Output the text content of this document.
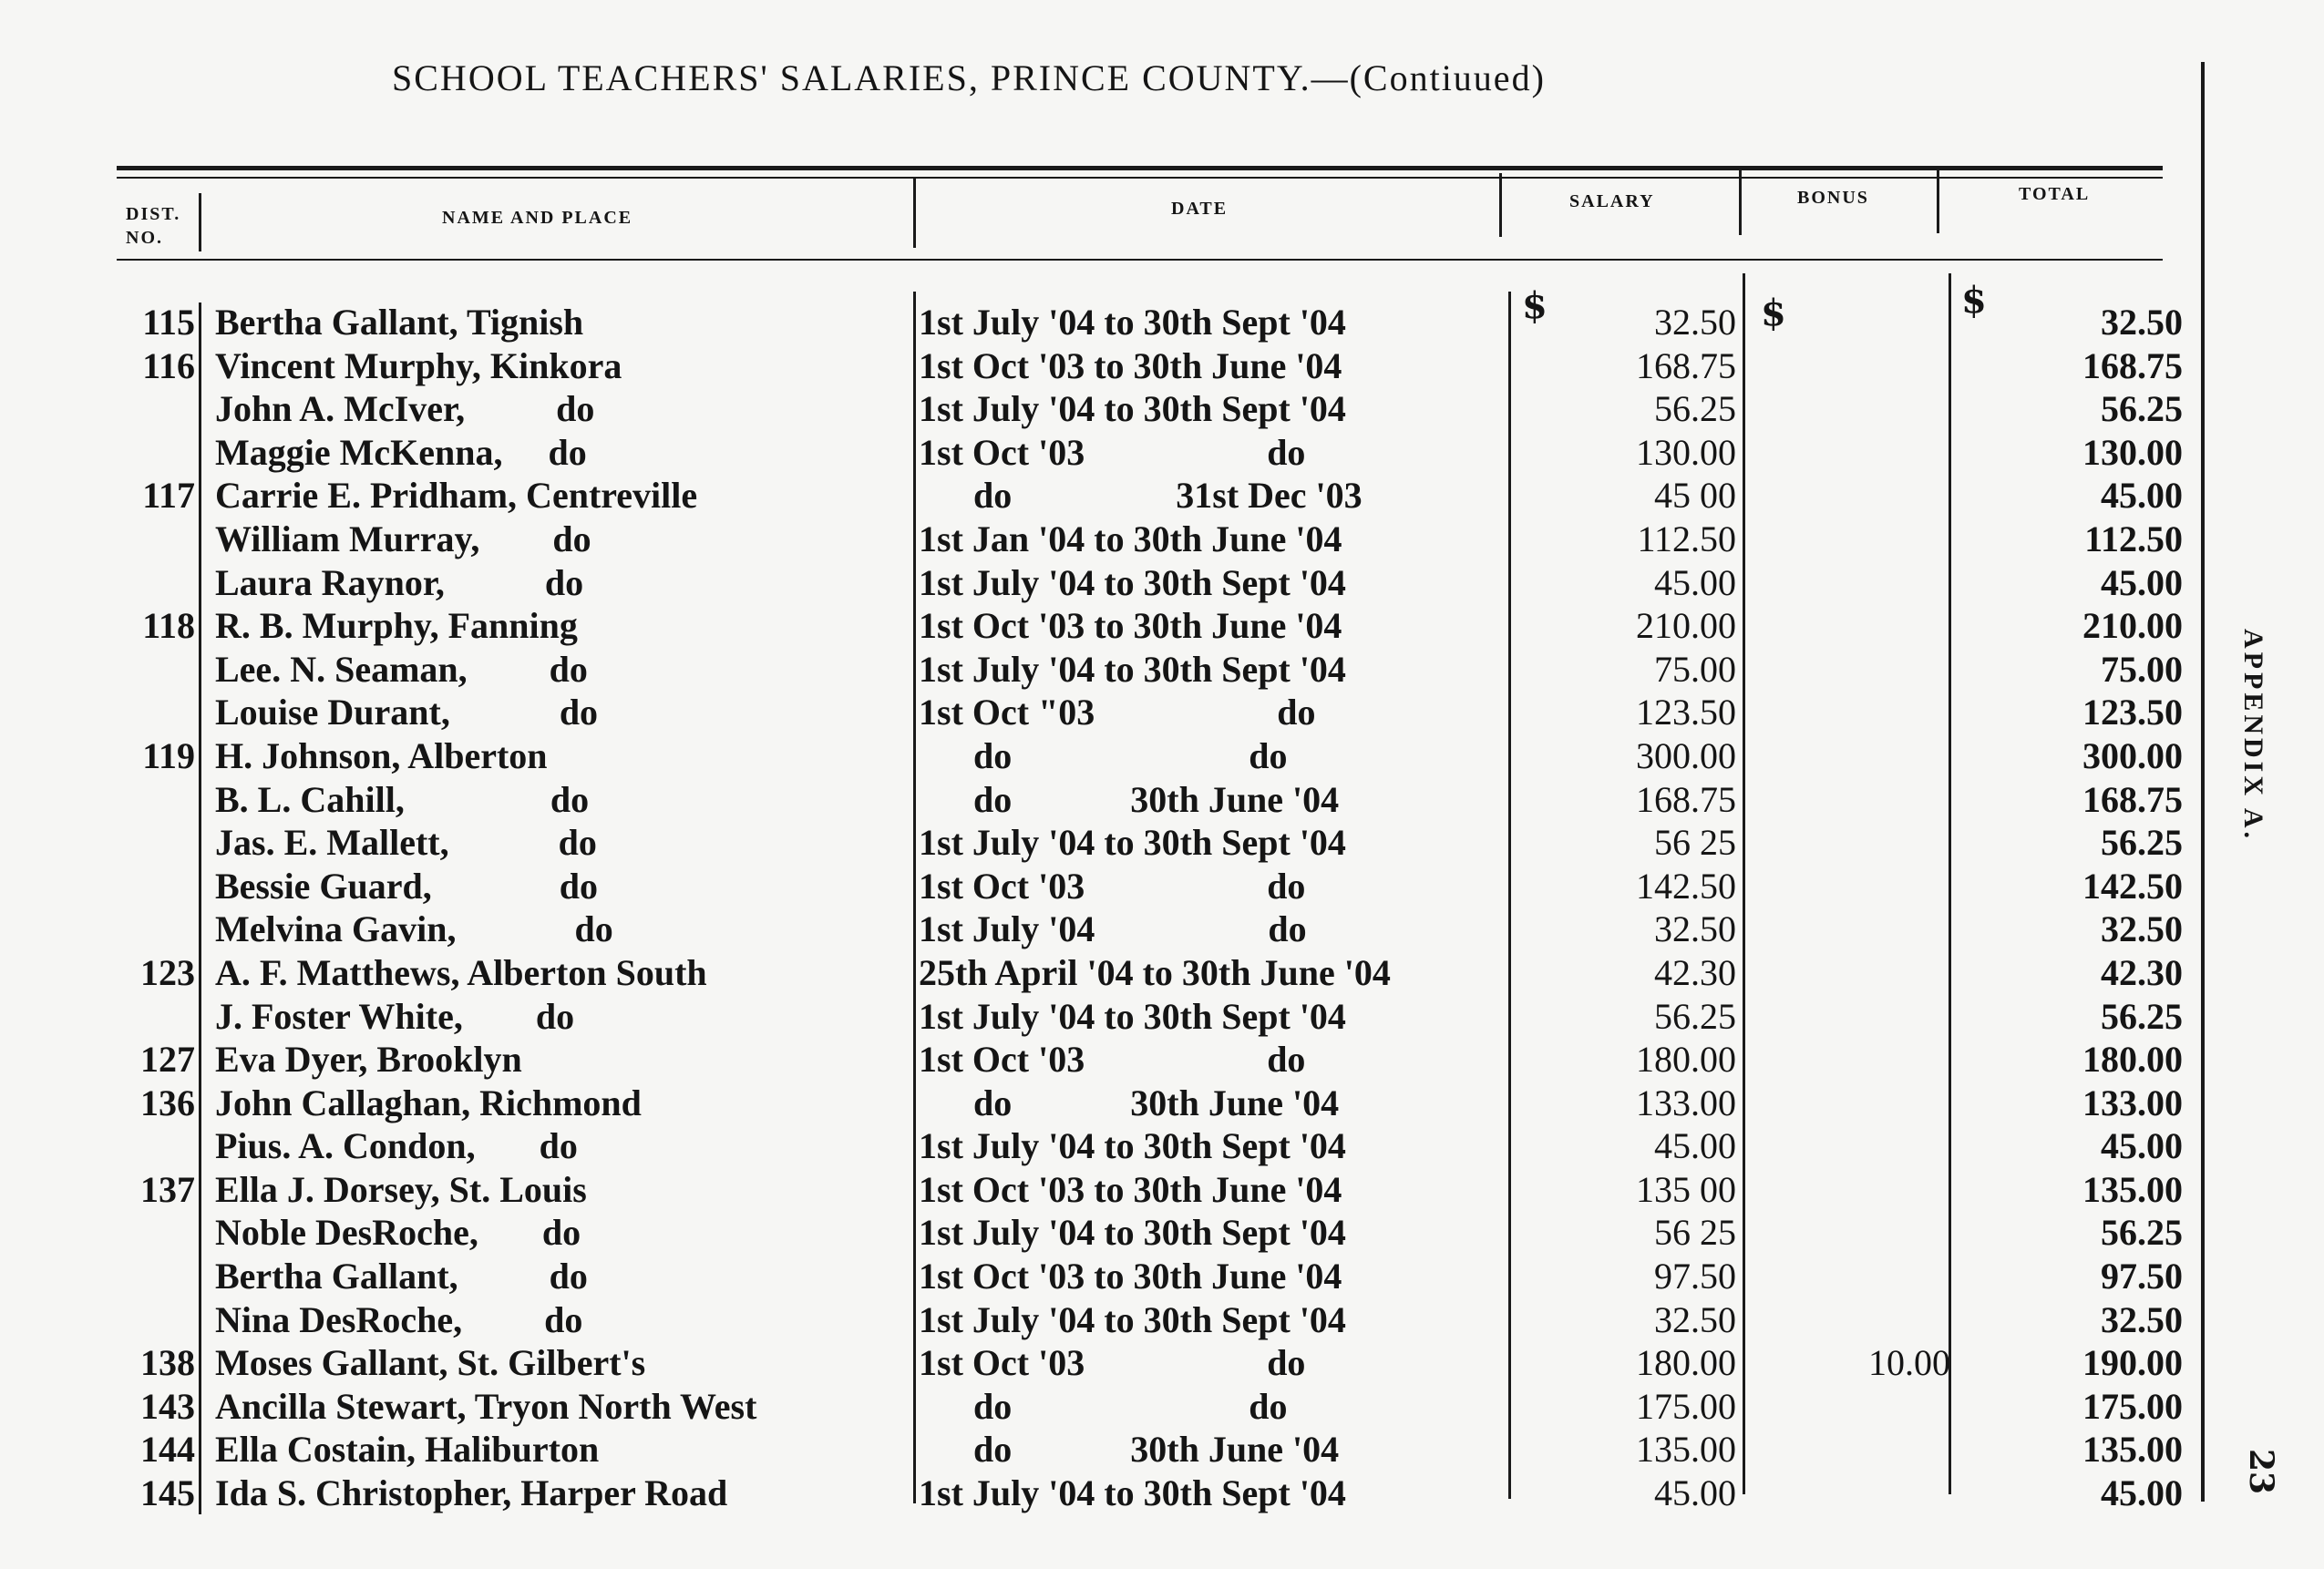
SCHOOL TEACHERS' SALARIES, PRINCE COUNTY.—(Contiuued)
DIST.
NO.
NAME AND PLACE	DATE	SALARY	BONUS	TOTAL
$	$	$
115 Bertha Gallant, Tignish	1st July '04 to 30th Sept '04	32.50	32.50
116 Vincent Murphy, Kinkora	1st Oct '03 to 30th June '04	168.75	168.75
John A. McIver,          do	1st July '04 to 30th Sept '04	56.25	56.25
Maggie McKenna,     do	1st Oct '03                    do	130.00	130.00
117 Carrie E. Pridham, Centreville	do                  31st Dec '03	45 00	45.00
William Murray,        do	1st Jan '04 to 30th June '04	112.50	112.50
Laura Raynor,           do	1st July '04 to 30th Sept '04	45.00	45.00
118 R. B. Murphy, Fanning	1st Oct '03 to 30th June '04	210.00	210.00
Lee. N. Seaman,         do	1st July '04 to 30th Sept '04	75.00	75.00
Louise Durant,            do	1st Oct "03                    do	123.50	123.50
119 H. Johnson, Alberton	do                          do	300.00	300.00
B. L. Cahill,                do	do             30th June '04	168.75	168.75
Jas. E. Mallett,            do	1st July '04 to 30th Sept '04	56 25	56.25
Bessie Guard,              do	1st Oct '03                    do	142.50	142.50
Melvina Gavin,             do	1st July '04                   do	32.50	32.50
123 A. F. Matthews, Alberton South	25th April '04 to 30th June '04	42.30	42.30
J. Foster White,        do	1st July '04 to 30th Sept '04	56.25	56.25
127 Eva Dyer, Brooklyn	1st Oct '03                    do	180.00	180.00
136 John Callaghan, Richmond	do             30th June '04	133.00	133.00
Pius. A. Condon,       do	1st July '04 to 30th Sept '04	45.00	45.00
137 Ella J. Dorsey, St. Louis	1st Oct '03 to 30th June '04	135 00	135.00
Noble DesRoche,       do	1st July '04 to 30th Sept '04	56 25	56.25
Bertha Gallant,          do	1st Oct '03 to 30th June '04	97.50	97.50
Nina DesRoche,         do	1st July '04 to 30th Sept '04	32.50	32.50
138 Moses Gallant, St. Gilbert's	1st Oct '03                    do	180.00	10.00	190.00
143 Ancilla Stewart, Tryon North West	do                          do	175.00	175.00
144 Ella Costain, Haliburton	do             30th June '04	135.00	135.00
145 Ida S. Christopher, Harper Road	1st July '04 to 30th Sept '04	45.00	45.00
APPENDIX A.
23
